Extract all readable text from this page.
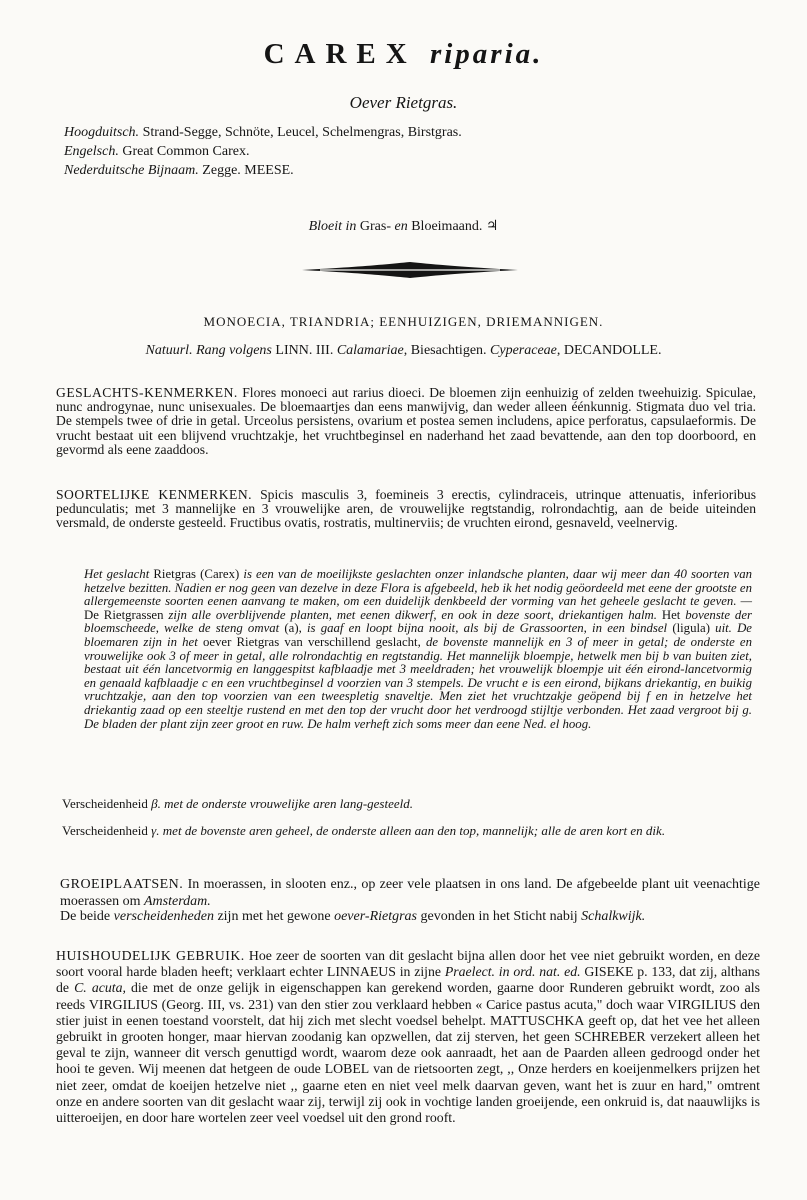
CAREX riparia.
Oever Rietgras.
Hoogduitsch. Strand-Segge, Schnöte, Leucel, Schelmengras, Birstgras.
Engelsch. Great Common Carex.
Nederduitsche Bijnaam. Zegge. MEESE.
Bloeit in Gras- en Bloeimaand. ♃
MONOECIA, TRIANDRIA; EENHUIZIGEN, DRIEMANNIGEN.
Natuurl. Rang volgens LINN. III. Calamariae, Biesachtigen. Cyperaceae, DECANDOLLE.

GESLACHTS-KENMERKEN. Flores monoeci aut rarius dioeci. De bloemen zijn eenhuizig of zelden tweehuizig. Spiculae, nunc androgynae, nunc unisexuales. De bloemaartjes dan eens manwijvig, dan weder alleen éénkunnig. Stigmata duo vel tria. De stempels twee of drie in getal. Urceolus persistens, ovarium et postea semen includens, apice perforatus, capsulaeformis. De vrucht bestaat uit een blijvend vruchtzakje, het vruchtbeginsel en naderhand het zaad bevattende, aan den top doorboord, en gevormd als eene zaaddoos.

SOORTELIJKE KENMERKEN. Spicis masculis 3, foemineis 3 erectis, cylindraceis, utrinque attenuatis, inferioribus pedunculatis; met 3 mannelijke en 3 vrouwelijke aren, de vrouwelijke regtstandig, rolrondachtig, aan de beide uiteinden versmald, de onderste gesteeld. Fructibus ovatis, rostratis, multinerviis; de vruchten eirond, gesnaveld, veelnervig.

Het geslacht Rietgras (Carex) is een van de moeilijkste geslachten onzer inlandsche planten, daar wij meer dan 40 soorten van hetzelve bezitten. Nadien er nog geen van dezelve in deze Flora is afgebeeld, heb ik het nodig geöordeeld met eene der grootste en allergemeenste soorten eenen aanvang te maken, om een duidelijk denkbeeld der vorming van het geheele geslacht te geven. — De Rietgrassen zijn alle overblijvende planten, met eenen dikwerf, en ook in deze soort, driekantigen halm. Het bovenste der bloemscheede, welke de steng omvat (a), is gaaf en loopt bijna nooit, als bij de Grassoorten, in een bindsel (ligula) uit. De bloemaren zijn in het oever Rietgras van verschillend geslacht, de bovenste mannelijk en 3 of meer in getal; de onderste en vrouwelijke ook 3 of meer in getal, alle rolrondachtig en regtstandig. Het mannelijk bloempje, hetwelk men bij b van buiten ziet, bestaat uit één lancetvormig en langgespitst kafblaadje met 3 meeldraden; het vrouwelijk bloempje uit één eirond-lancetvormig en genaald kafblaadje c en een vruchtbeginsel d voorzien van 3 stempels. De vrucht e is een eirond, bijkans driekantig, en buikig vruchtzakje, aan den top voorzien van een tweespletig snaveltje. Men ziet het vruchtzakje geöpend bij f en in hetzelve het driekantig zaad op een steeltje rustend en met den top der vrucht door het verdroogd stijltje verbonden. Het zaad vergroot bij g. De bladen der plant zijn zeer groot en ruw. De halm verheft zich soms meer dan eene Ned. el hoog.

Verscheidenheid β. met de onderste vrouwelijke aren lang-gesteeld.
Verscheidenheid γ. met de bovenste aren geheel, de onderste alleen aan den top, mannelijk; alle de aren kort en dik.

GROEIPLAATSEN. In moerassen, in slooten enz., op zeer vele plaatsen in ons land. De afgebeelde plant uit veenachtige moerassen om Amsterdam.

De beide verscheidenheden zijn met het gewone oever-Rietgras gevonden in het Sticht nabij Schalkwijk.

HUISHOUDELIJK GEBRUIK. Hoe zeer de soorten van dit geslacht bijna allen door het vee niet gebruikt worden, en deze soort vooral harde bladen heeft; verklaart echter LINNAEUS in zijne Praelect. in ord. nat. ed. GISEKE p. 133, dat zij, althans de C. acuta, die met de onze gelijk in eigenschappen kan gerekend worden, gaarne door Runderen gebruikt wordt, zoo als reeds VIRGILIUS (Georg. III, vs. 231) van den stier zou verklaard hebben « Carice pastus acuta," doch waar VIRGILIUS den stier juist in eenen toestand voorstelt, dat hij zich met slecht voedsel behelpt. MATTUSCHKA geeft op, dat het vee het alleen gebruikt in grooten honger, maar hiervan zoodanig kan opzwellen, dat zij sterven, het geen SCHREBER verzekert alleen het geval te zijn, wanneer dit versch genuttigd wordt, waarom deze ook aanraadt, het aan de Paarden alleen gedroogd onder het hooi te geven. Wij meenen dat hetgeen de oude LOBEL van de rietsoorten zegt, ,, Onze herders en koeijenmelkers prijzen het niet zeer, omdat de koeijen hetzelve niet ,, gaarne eten en niet veel melk daarvan geven, want het is zuur en hard," omtrent onze en andere soorten van dit geslacht waar zij, terwijl zij ook in vochtige landen groeijende, een onkruid is, dat naauwlijks is uitteroeijen, en door hare wortelen zeer veel voedsel uit den grond rooft.
